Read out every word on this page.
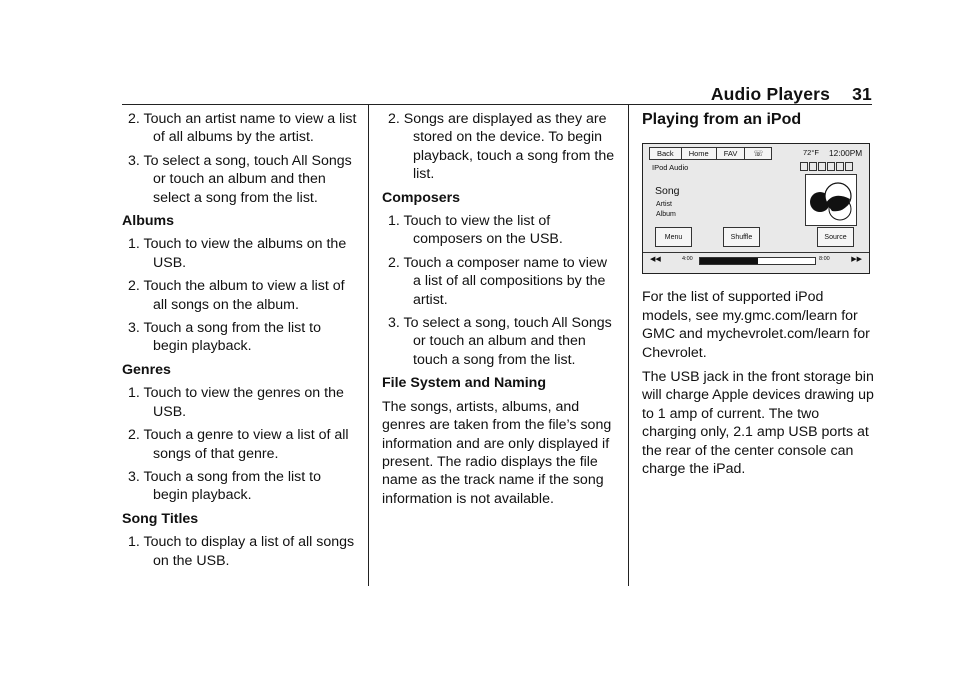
Audio Players 31
2. Touch an artist name to view a list of all albums by the artist.
3. To select a song, touch All Songs or touch an album and then select a song from the list.
Albums
1. Touch to view the albums on the USB.
2. Touch the album to view a list of all songs on the album.
3. Touch a song from the list to begin playback.
Genres
1. Touch to view the genres on the USB.
2. Touch a genre to view a list of all songs of that genre.
3. Touch a song from the list to begin playback.
Song Titles
1. Touch to display a list of all songs on the USB.
2. Songs are displayed as they are stored on the device. To begin playback, touch a song from the list.
Composers
1. Touch to view the list of composers on the USB.
2. Touch a composer name to view a list of all compositions by the artist.
3. To select a song, touch All Songs or touch an album and then touch a song from the list.
File System and Naming
The songs, artists, albums, and genres are taken from the file’s song information and are only displayed if present. The radio displays the file name as the track name if the song information is not available.
Playing from an iPod
Back	Home	FAV	☏	72°F 12:00PM
IPod Audio
Song
Artist
Album
Menu	Shuffle	Source
◀◀	4:00	8:00	▶▶
For the list of supported iPod models, see my.gmc.com/learn for GMC and mychevrolet.com/learn for Chevrolet.
The USB jack in the front storage bin will charge Apple devices drawing up to 1 amp of current. The two charging only, 2.1 amp USB ports at the rear of the center console can charge the iPad.
